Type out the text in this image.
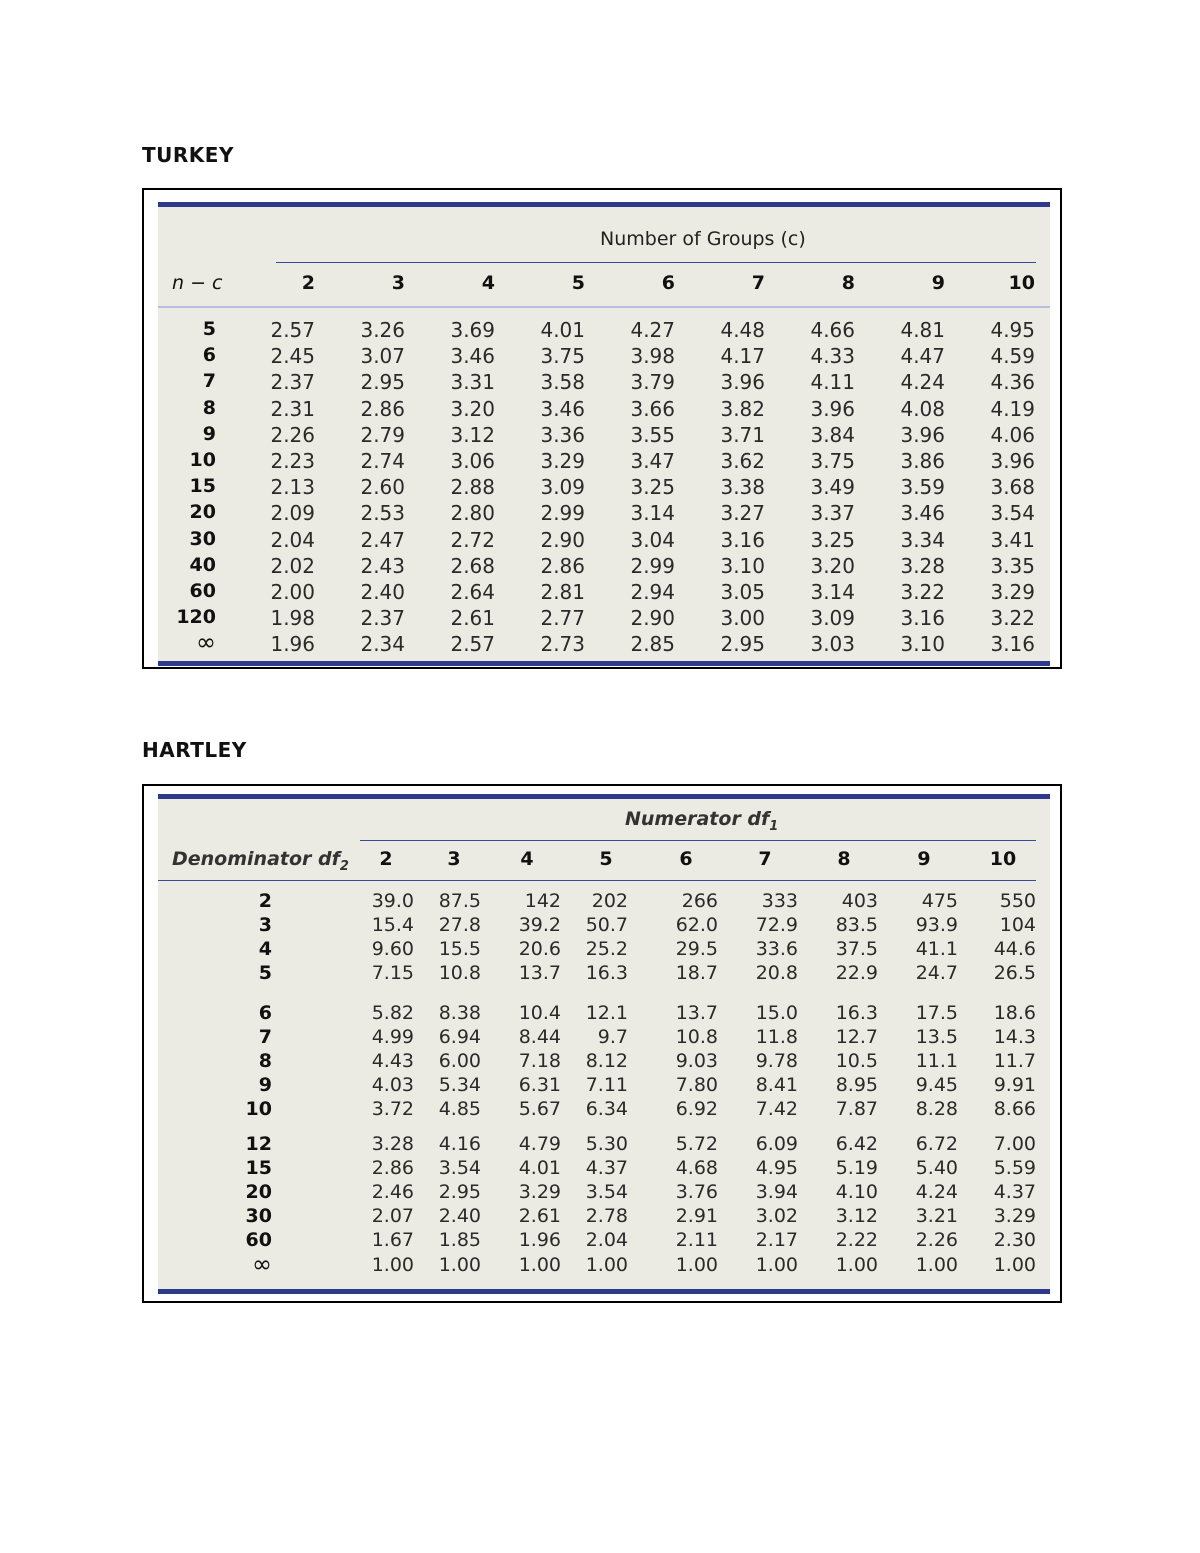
TURKEY
Number of Groups (c)
n − c	2	3	4	5	6	7	8	9	10
5	2.57	3.26	3.69	4.01	4.27	4.48	4.66	4.81	4.95
6	2.45	3.07	3.46	3.75	3.98	4.17	4.33	4.47	4.59
7	2.37	2.95	3.31	3.58	3.79	3.96	4.11	4.24	4.36
8	2.31	2.86	3.20	3.46	3.66	3.82	3.96	4.08	4.19
9	2.26	2.79	3.12	3.36	3.55	3.71	3.84	3.96	4.06
10	2.23	2.74	3.06	3.29	3.47	3.62	3.75	3.86	3.96
15	2.13	2.60	2.88	3.09	3.25	3.38	3.49	3.59	3.68
20	2.09	2.53	2.80	2.99	3.14	3.27	3.37	3.46	3.54
30	2.04	2.47	2.72	2.90	3.04	3.16	3.25	3.34	3.41
40	2.02	2.43	2.68	2.86	2.99	3.10	3.20	3.28	3.35
60	2.00	2.40	2.64	2.81	2.94	3.05	3.14	3.22	3.29
120	1.98	2.37	2.61	2.77	2.90	3.00	3.09	3.16	3.22
∞	1.96	2.34	2.57	2.73	2.85	2.95	3.03	3.10	3.16
HARTLEY
Numerator $df_1$
Denominator $df_2$	2	3	4	5	6	7	8	9	10
2	39.0	87.5	142	202	266	333	403	475	550
3	15.4	27.8	39.2	50.7	62.0	72.9	83.5	93.9	104
4	9.60	15.5	20.6	25.2	29.5	33.6	37.5	41.1	44.6
5	7.15	10.8	13.7	16.3	18.7	20.8	22.9	24.7	26.5
6	5.82	8.38	10.4	12.1	13.7	15.0	16.3	17.5	18.6
7	4.99	6.94	8.44	9.7	10.8	11.8	12.7	13.5	14.3
8	4.43	6.00	7.18	8.12	9.03	9.78	10.5	11.1	11.7
9	4.03	5.34	6.31	7.11	7.80	8.41	8.95	9.45	9.91
10	3.72	4.85	5.67	6.34	6.92	7.42	7.87	8.28	8.66
12	3.28	4.16	4.79	5.30	5.72	6.09	6.42	6.72	7.00
15	2.86	3.54	4.01	4.37	4.68	4.95	5.19	5.40	5.59
20	2.46	2.95	3.29	3.54	3.76	3.94	4.10	4.24	4.37
30	2.07	2.40	2.61	2.78	2.91	3.02	3.12	3.21	3.29
60	1.67	1.85	1.96	2.04	2.11	2.17	2.22	2.26	2.30
∞	1.00	1.00	1.00	1.00	1.00	1.00	1.00	1.00	1.00
